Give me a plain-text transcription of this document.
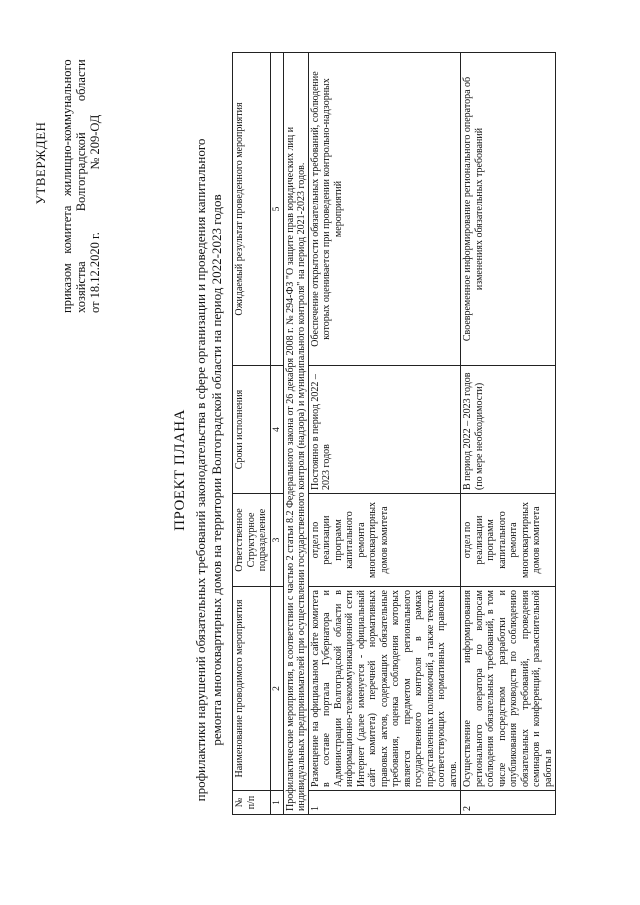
УТВЕРЖДЕН приказом   комитета   жилищно-коммунального хозяйства                Волгоградской          области от 18.12.2020 г.                    № 209-ОД
ПРОЕКТ ПЛАНА профилактики нарушений обязательных требований законодательства в сфере организации и проведения капитального ремонта многоквартирных домов на территории Волгоградской области на период 2022-2023 годов
№ п/п	Наименование проводимого мероприятия	Ответственное Структурное подразделение	Сроки исполнения	Ожидаемый результат проведенного мероприятия
1	2	3	4	5
Профилактические мероприятия, в соответствии с частью 2 статьи 8.2 Федерального закона от 26 декабря 2008 г. № 294-ФЗ "О защите прав юридических лиц и индивидуальных предпринимателей при осуществлении государственного контроля (надзора) и муниципального контроля" на период 2021-2023 годов.				
1	Размещение на официальном сайте комитета в составе портала Губернатора и Администрации Волгоградской области в информационно-телекоммуникационной сети Интернет (далее именуется - официальный сайт комитета) перечней нормативных правовых актов, содержащих обязательные требования, оценка соблюдения которых является предметом регионального государственного контроля в рамках представленных полномочий, а также текстов соответствующих нормативных правовых актов.	отдел по реализации программ капитального ремонта многоквартирных домов комитета	Постоянно в период 2022 – 2023 годов	Обеспечение открытости обязательных требований, соблюдение которых оценивается при проведении контрольно-надзорных мероприятий
2	Осуществление информирования регионального оператора по вопросам соблюдения обязательных требований, в том числе посредством разработки и опубликования руководств по соблюдению обязательных требований, проведения семинаров и конференций, разъяснительной работы в	отдел по реализации программ капитального ремонта многоквартирных домов комитета	В период 2022 – 2023 годов (по мере необходимости)	Своевременное информирование регионального оператора об изменениях обязательных требований
